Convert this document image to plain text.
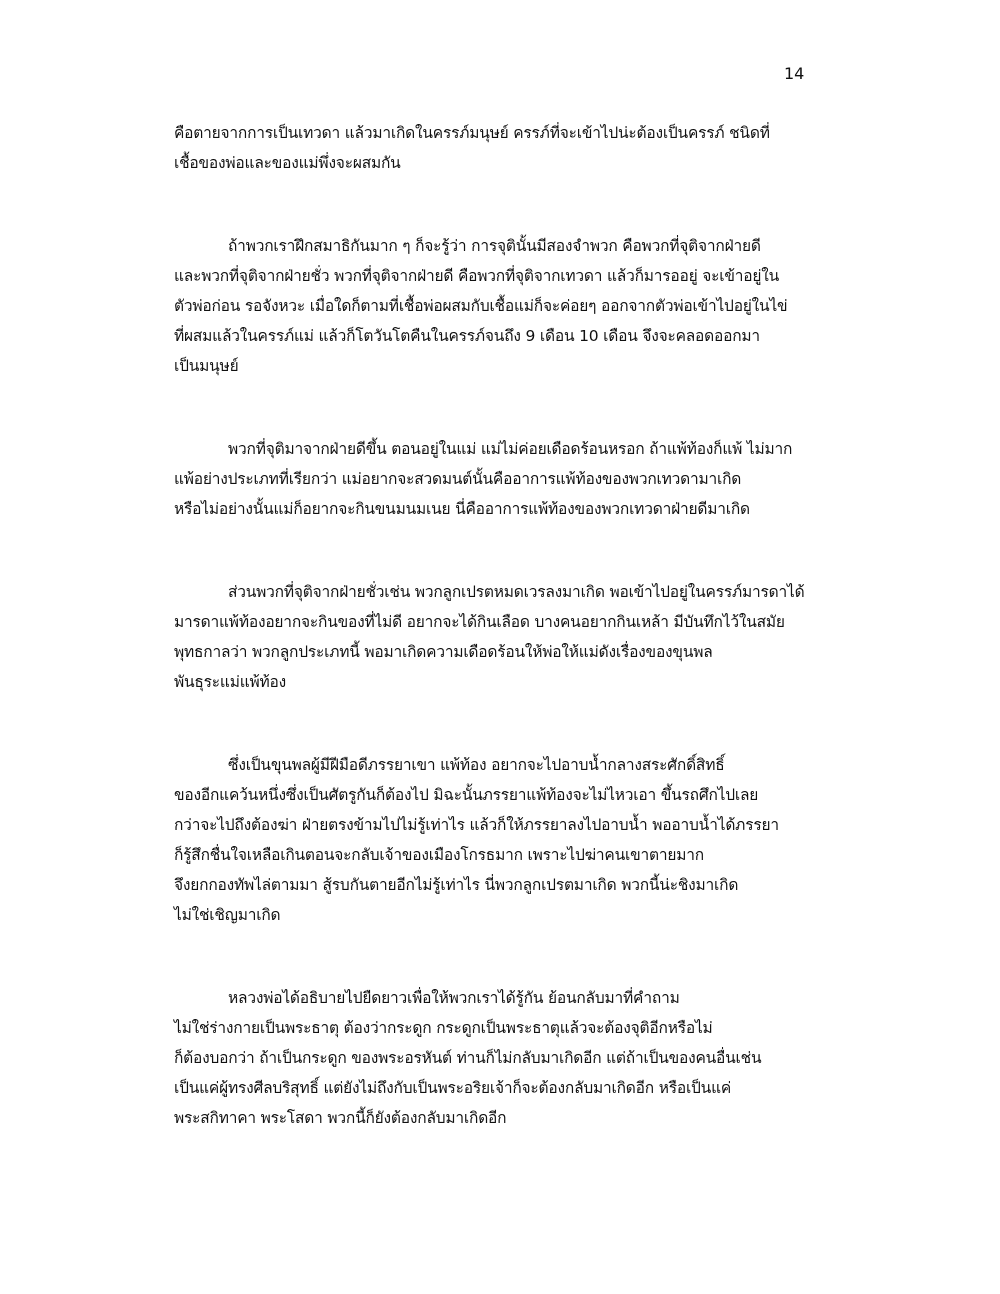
14

คือตายจากการเป็นเทวดา แล้วมาเกิดในครรภ์มนุษย์ ครรภ์ที่จะเข้าไปน่ะต้องเป็นครรภ์ ชนิดที่
เชื้อของพ่อและของแม่พึ่งจะผสมกัน

ถ้าพวกเราฝึกสมาธิกันมาก ๆ ก็จะรู้ว่า การจุตินั้นมีสองจำพวก คือพวกที่จุติจากฝ่ายดี
และพวกที่จุติจากฝ่ายชั่ว พวกที่จุติจากฝ่ายดี คือพวกที่จุติจากเทวดา แล้วก็มารออยู่ จะเข้าอยู่ใน
ตัวพ่อก่อน รอจังหวะ เมื่อใดก็ตามที่เชื้อพ่อผสมกับเชื้อแม่ก็จะค่อยๆ ออกจากตัวพ่อเข้าไปอยู่ในไข่
ที่ผสมแล้วในครรภ์แม่ แล้วก็โตวันโตคืนในครรภ์จนถึง 9 เดือน 10 เดือน จึงจะคลอดออกมา
เป็นมนุษย์

พวกที่จุติมาจากฝ่ายดีขึ้น ตอนอยู่ในแม่ แม่ไม่ค่อยเดือดร้อนหรอก ถ้าแพ้ท้องก็แพ้ ไม่มาก
แพ้อย่างประเภทที่เรียกว่า แม่อยากจะสวดมนต์นั้นคืออาการแพ้ท้องของพวกเทวดามาเกิด
หรือไม่อย่างนั้นแม่ก็อยากจะกินขนมนมเนย นี่คืออาการแพ้ท้องของพวกเทวดาฝ่ายดีมาเกิด

ส่วนพวกที่จุติจากฝ่ายชั่วเช่น พวกลูกเปรตหมดเวรลงมาเกิด พอเข้าไปอยู่ในครรภ์มารดาได้
มารดาแพ้ท้องอยากจะกินของที่ไม่ดี อยากจะได้กินเลือด บางคนอยากกินเหล้า มีบันทึกไว้ในสมัย
พุทธกาลว่า พวกลูกประเภทนี้ พอมาเกิดความเดือดร้อนให้พ่อให้แม่ดังเรื่องของขุนพล
พันธุระแม่แพ้ท้อง

ซึ่งเป็นขุนพลผู้มีฝีมือดีภรรยาเขา แพ้ท้อง อยากจะไปอาบน้ำกลางสระศักดิ์สิทธิ์
ของอีกแคว้นหนึ่งซึ่งเป็นศัตรูกันก็ต้องไป มิฉะนั้นภรรยาแพ้ท้องจะไม่ไหวเอา ขึ้นรถศึกไปเลย
กว่าจะไปถึงต้องฆ่า ฝ่ายตรงข้ามไปไม่รู้เท่าไร แล้วก็ให้ภรรยาลงไปอาบน้ำ พออาบน้ำได้ภรรยา
ก็รู้สึกชื่นใจเหลือเกินตอนจะกลับเจ้าของเมืองโกรธมาก เพราะไปฆ่าคนเขาตายมาก
จึงยกกองทัพไล่ตามมา สู้รบกันตายอีกไม่รู้เท่าไร นี่พวกลูกเปรตมาเกิด พวกนี้น่ะชิงมาเกิด
ไม่ใช่เชิญมาเกิด

หลวงพ่อได้อธิบายไปยืดยาวเพื่อให้พวกเราได้รู้กัน ย้อนกลับมาที่คำถาม
ไม่ใช่ร่างกายเป็นพระธาตุ ต้องว่ากระดูก กระดูกเป็นพระธาตุแล้วจะต้องจุติอีกหรือไม่
ก็ต้องบอกว่า ถ้าเป็นกระดูก ของพระอรหันต์ ท่านก็ไม่กลับมาเกิดอีก แต่ถ้าเป็นของคนอื่นเช่น
เป็นแค่ผู้ทรงศีลบริสุทธิ์ แต่ยังไม่ถึงกับเป็นพระอริยเจ้าก็จะต้องกลับมาเกิดอีก หรือเป็นแค่
พระสกิทาคา พระโสดา พวกนี้ก็ยังต้องกลับมาเกิดอีก
